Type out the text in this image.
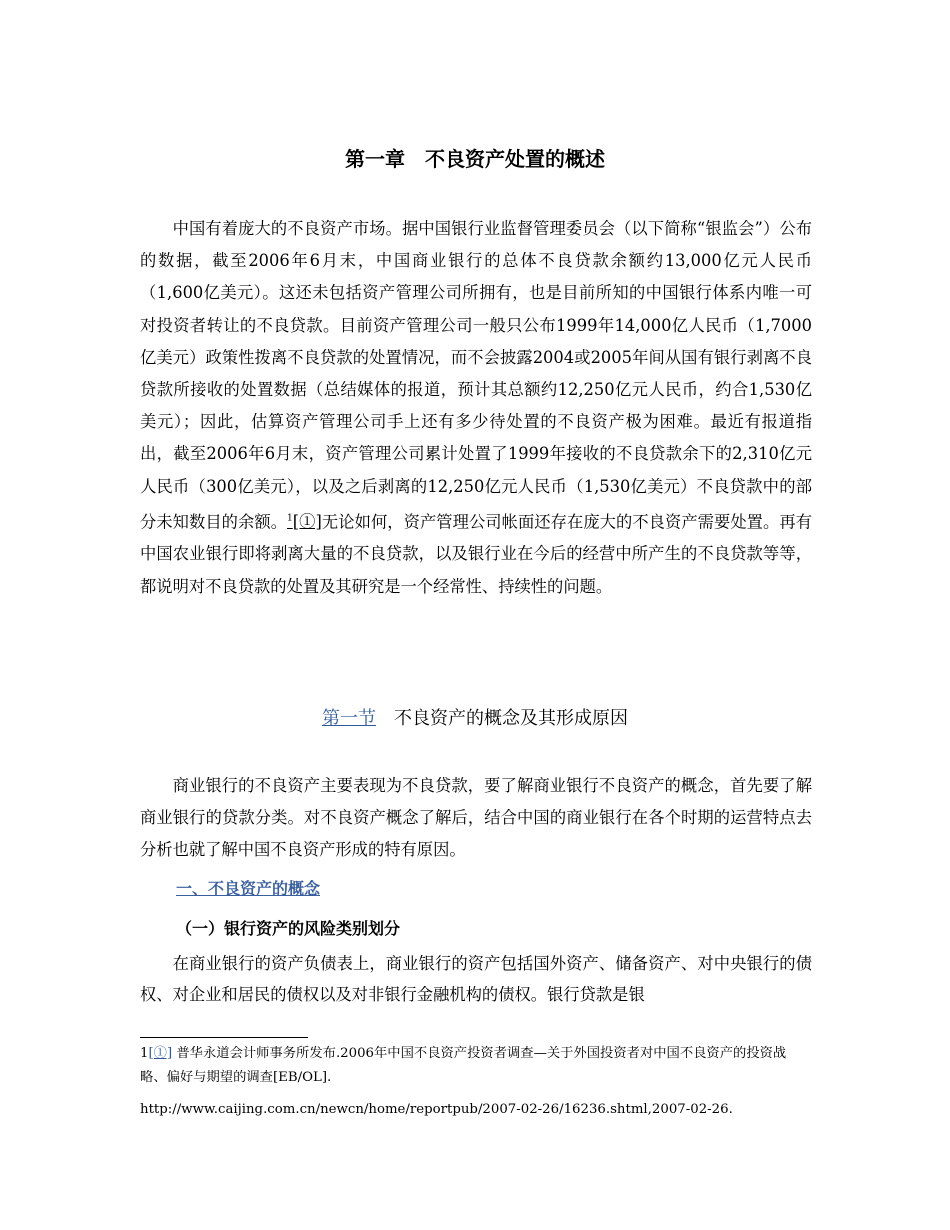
第一章　不良资产处置的概述

中国有着庞大的不良资产市场。据中国银行业监督管理委员会（以下简称“银监会”）公布的数据，截至2006年6月末，中国商业银行的总体不良贷款余额约13,000亿元人民币（1,600亿美元）。这还未包括资产管理公司所拥有，也是目前所知的中国银行体系内唯一可对投资者转让的不良贷款。目前资产管理公司一般只公布1999年14,000亿人民币（1,7000亿美元）政策性拨离不良贷款的处置情况，而不会披露2004或2005年间从国有银行剥离不良贷款所接收的处置数据（总结媒体的报道，预计其总额约12,250亿元人民币，约合1,530亿美元）；因此，估算资产管理公司手上还有多少待处置的不良资产极为困难。最近有报道指出，截至2006年6月末，资产管理公司累计处置了1999年接收的不良贷款余下的2,310亿元人民币（300亿美元），以及之后剥离的12,250亿元人民币（1,530亿美元）不良贷款中的部分未知数目的余额。$^1$[①]无论如何，资产管理公司帐面还存在庞大的不良资产需要处置。再有中国农业银行即将剥离大量的不良贷款，以及银行业在今后的经营中所产生的不良贷款等等，都说明对不良贷款的处置及其研究是一个经常性、持续性的问题。

第一节　 不良资产的概念及其形成原因

商业银行的不良资产主要表现为不良贷款，要了解商业银行不良资产的概念，首先要了解商业银行的贷款分类。对不良资产概念了解后，结合中国的商业银行在各个时期的运营特点去分析也就了解中国不良资产形成的特有原因。

一、不良资产的概念
（一）银行资产的风险类别划分

在商业银行的资产负债表上，商业银行的资产包括国外资产、储备资产、对中央银行的债权、对企业和居民的债权以及对非银行金融机构的债权。银行贷款是银

1[①] 普华永道会计师事务所发布.2006年中国不良资产投资者调查—关于外国投资者对中国不良资产的投资战略、偏好与期望的调查[EB/OL].

http://www.caijing.com.cn/newcn/home/reportpub/2007-02-26/16236.shtml,2007-02-26.
